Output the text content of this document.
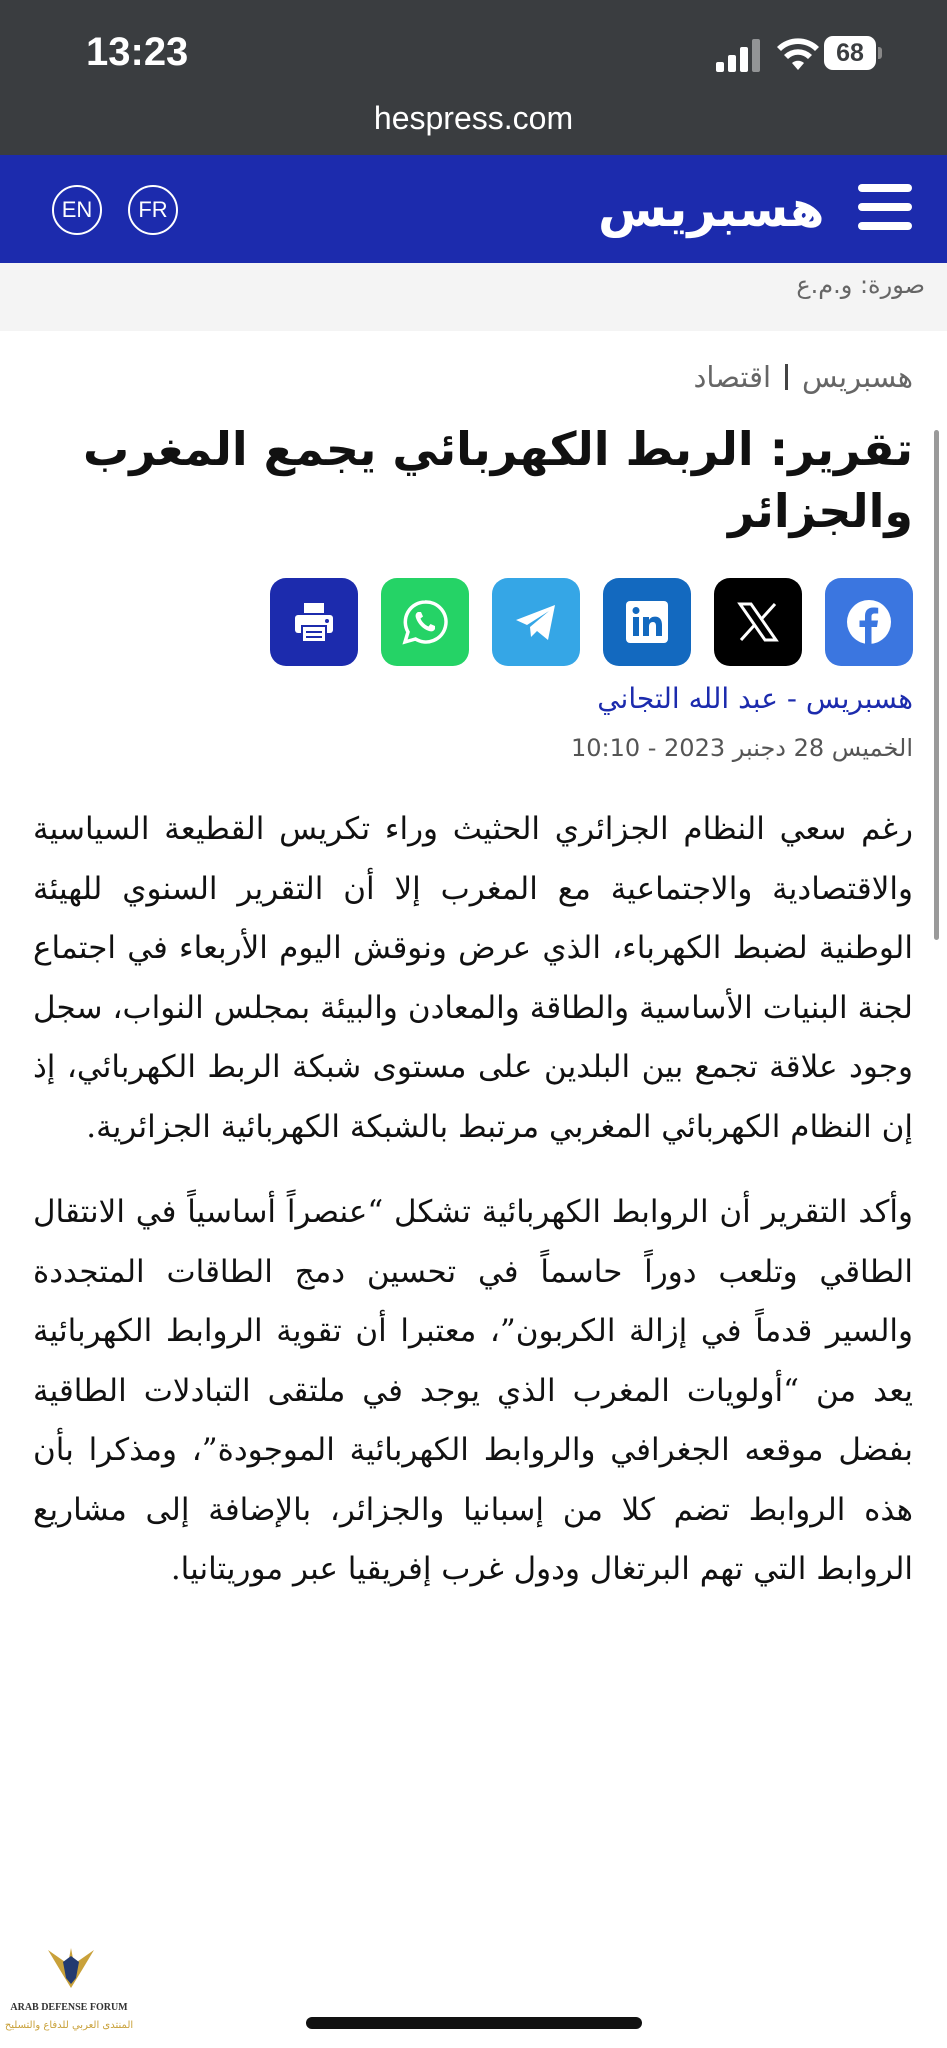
13:23	68
hespress.com
EN	FR	هسبريس
صورة: و.م.ع
هسبريس
اقتصاد
تقرير: الربط الكهربائي يجمع المغرب والجزائر
هسبريس - عبد الله التجاني
الخميس 28 دجنبر 2023 - 10:10

رغم سعي النظام الجزائري الحثيث وراء تكريس القطيعة السياسية والاقتصادية والاجتماعية مع المغرب إلا أن التقرير السنوي للهيئة الوطنية لضبط الكهرباء، الذي عرض ونوقش اليوم الأربعاء في اجتماع لجنة البنيات الأساسية والطاقة والمعادن والبيئة بمجلس النواب، سجل وجود علاقة تجمع بين البلدين على مستوى شبكة الربط الكهربائي، إذ إن النظام الكهربائي المغربي مرتبط بالشبكة الكهربائية الجزائرية.

وأكد التقرير أن الروابط الكهربائية تشكل “عنصراً أساسياً في الانتقال الطاقي وتلعب دوراً حاسماً في تحسين دمج الطاقات المتجددة والسير قدماً في إزالة الكربون”، معتبرا أن تقوية الروابط الكهربائية يعد من “أولويات المغرب الذي يوجد في ملتقى التبادلات الطاقية بفضل موقعه الجغرافي والروابط الكهربائية الموجودة”، ومذكرا بأن هذه الروابط تضم كلا من إسبانيا والجزائر، بالإضافة إلى مشاريع الروابط التي تهم البرتغال ودول غرب إفريقيا عبر موريتانيا.

ARAB DEFENSE FORUM
المنتدى العربي للدفاع والتسليح
